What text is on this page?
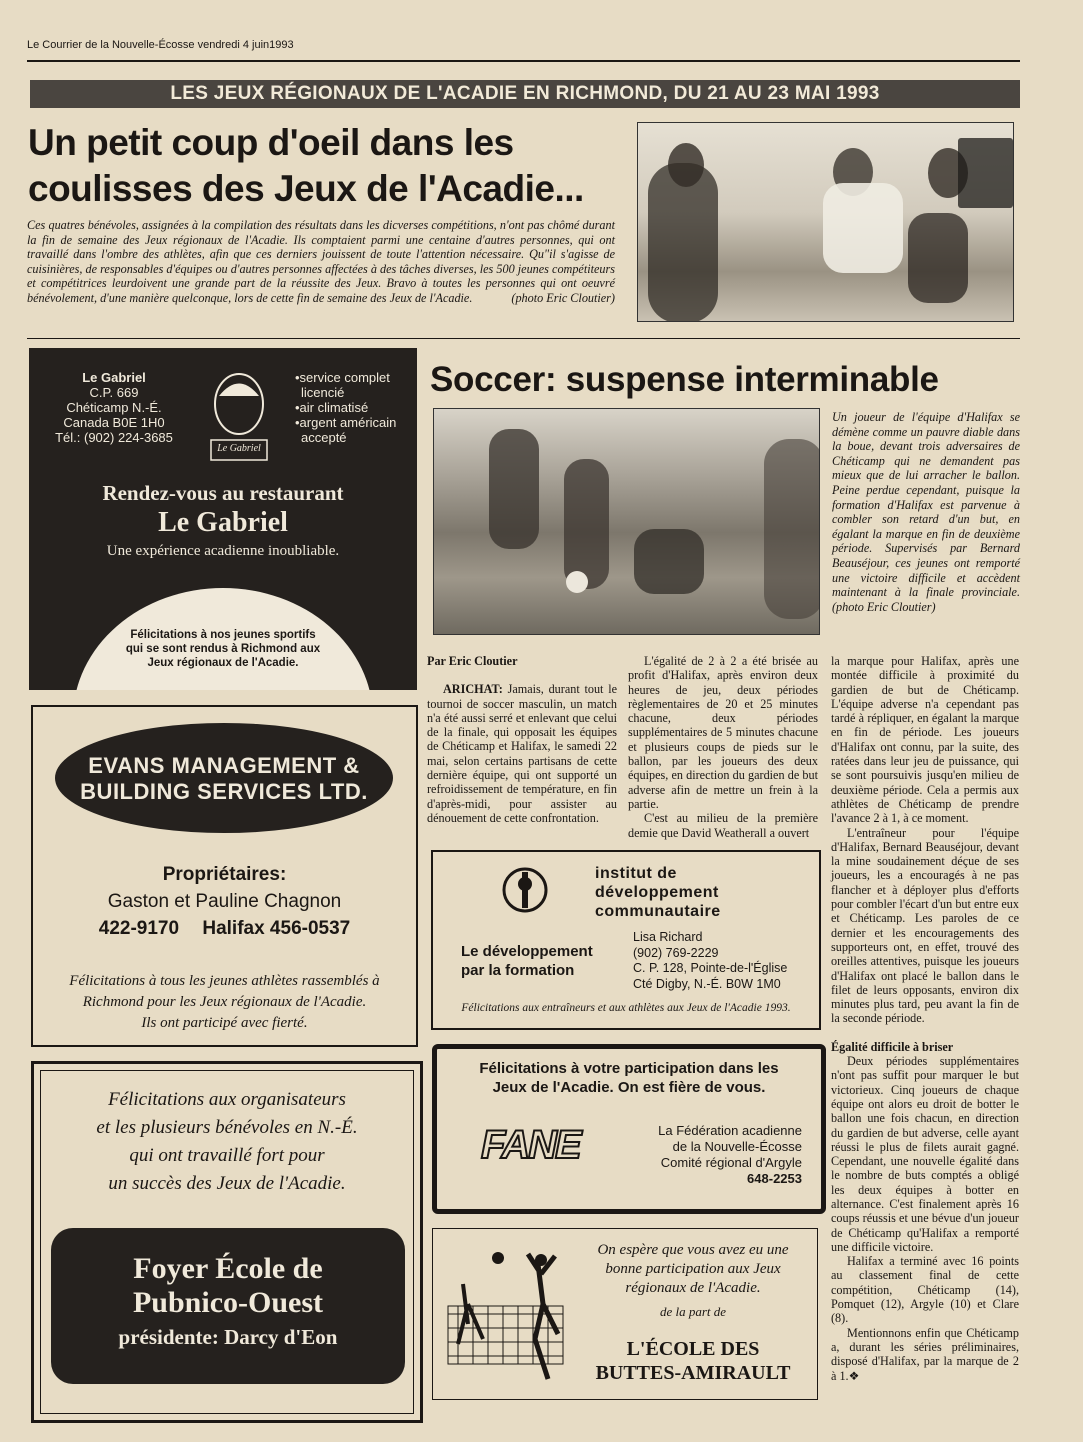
Le Courrier de la Nouvelle-Écosse vendredi 4 juin1993
LES JEUX RÉGIONAUX DE L'ACADIE EN RICHMOND, DU 21 AU 23 MAI 1993
Un petit coup d'oeil dans les
coulisses des Jeux de l'Acadie...
Ces quatres bénévoles, assignées à la compilation des résultats dans les dicverses compétitions, n'ont pas chômé durant la fin de semaine des Jeux régionaux de l'Acadie. Ils comptaient parmi une centaine d'autres personnes, qui ont travaillé dans l'ombre des athlètes, afin que ces derniers jouissent de toute l'attention nécessaire. Qu"il s'agisse de cuisinières, de responsables d'équipes ou d'autres personnes affectées à des tâches diverses, les 500 jeunes compétiteurs et compétitrices leurdoivent une grande part de la réussite des Jeux. Bravo à toutes les personnes qui ont oeuvré bénévolement, d'une manière quelconque, lors de cette fin de semaine des Jeux de l'Acadie.	(photo Eric Cloutier)
Le Gabriel
C.P. 669
Chéticamp N.-É.
Canada B0E 1H0
Tél.: (902) 224-3685
Le Gabriel
•service complet
licencié
•air climatisé
•argent américain
accepté
Rendez-vous au restaurant
Le Gabriel
Une expérience acadienne inoubliable.
Félicitations à nos jeunes sportifs
qui se sont rendus à Richmond aux
Jeux régionaux de l'Acadie.
EVANS MANAGEMENT &
BUILDING SERVICES LTD.
Propriétaires:
Gaston et Pauline Chagnon
422-9170 Halifax 456-0537
Félicitations à tous les jeunes athlètes rassemblés à
Richmond pour les Jeux régionaux de l'Acadie.
Ils ont participé avec fierté.
Félicitations aux organisateurs
et les plusieurs bénévoles en N.-É.
qui ont travaillé fort pour
un succès des Jeux de l'Acadie.
Foyer École de
Pubnico-Ouest
présidente: Darcy d'Eon
Soccer: suspense interminable
Un joueur de l'équipe d'Halifax se démène comme un pauvre diable dans la boue, devant trois adversaires de Chéticamp qui ne demandent pas mieux que de lui arracher le ballon. Peine perdue cependant, puisque la formation d'Halifax est parvenue à combler son retard d'un but, en égalant la marque en fin de deuxième période. Supervisés par Bernard Beauséjour, ces jeunes ont remporté une victoire difficile et accèdent maintenant à la finale provinciale. (photo Eric Cloutier)
Par Eric Cloutier

ARICHAT: Jamais, durant tout le tournoi de soccer masculin, un match n'a été aussi serré et enlevant que celui de la finale, qui opposait les équipes de Chéticamp et Halifax, le samedi 22 mai, selon certains partisans de cette dernière équipe, qui ont supporté un refroidissement de température, en fin d'après-midi, pour assister au dénouement de cette confrontation.

L'égalité de 2 à 2 a été brisée au profit d'Halifax, après environ deux heures de jeu, deux périodes règlementaires de 20 et 25 minutes chacune, deux périodes supplémentaires de 5 minutes chacune et plusieurs coups de pieds sur le ballon, par les joueurs des deux équipes, en direction du gardien de but adverse afin de mettre un frein à la partie.

C'est au milieu de la première demie que David Weatherall a ouvert

la marque pour Halifax, après une montée difficile à proximité du gardien de but de Chéticamp. L'équipe adverse n'a cependant pas tardé à répliquer, en égalant la marque en fin de période. Les joueurs d'Halifax ont connu, par la suite, des ratées dans leur jeu de puissance, qui se sont poursuivis jusqu'en milieu de deuxième période. Cela a permis aux athlètes de Chéticamp de prendre l'avance 2 à 1, à ce moment.

L'entraîneur pour l'équipe d'Halifax, Bernard Beauséjour, devant la mine soudainement déçue de ses joueurs, les a encouragés à ne pas flancher et à déployer plus d'efforts pour combler l'écart d'un but entre eux et Chéticamp. Les paroles de ce dernier et les encouragements des supporteurs ont, en effet, trouvé des oreilles attentives, puisque les joueurs d'Halifax ont placé le ballon dans le filet de leurs opposants, environ dix minutes plus tard, peu avant la fin de la seconde période.

Égalité difficile à briser

Deux périodes supplémentaires n'ont pas suffit pour marquer le but victorieux. Cinq joueurs de chaque équipe ont alors eu droit de botter le ballon une fois chacun, en direction du gardien de but adverse, celle ayant réussi le plus de filets aurait gagné. Cependant, une nouvelle égalité dans le nombre de buts comptés a obligé les deux équipes à botter en alternance. C'est finalement après 16 coups réussis et une bévue d'un joueur de Chéticamp qu'Halifax a remporté une difficile victoire.

Halifax a terminé avec 16 points au classement final de cette compétition, Chéticamp (14), Pomquet (12), Argyle (10) et Clare (8).

Mentionnons enfin que Chéticamp a, durant les séries préliminaires, disposé d'Halifax, par la marque de 2 à 1.❖

institut de
développement
communautaire
Le développement
par la formation
Lisa Richard
(902) 769-2229
C. P. 128, Pointe-de-l'Église
Cté Digby, N.-É. B0W 1M0
Félicitations aux entraîneurs et aux athlètes aux Jeux de l'Acadie 1993.
Félicitations à votre participation dans les
Jeux de l'Acadie. On est fière de vous.
FANE	La Fédération acadienne
de la Nouvelle-Écosse
Comité régional d'Argyle
648-2253
On espère que vous avez eu une
bonne participation aux Jeux
régionaux de l'Acadie.
de la part de
L'ÉCOLE DES
BUTTES-AMIRAULT
